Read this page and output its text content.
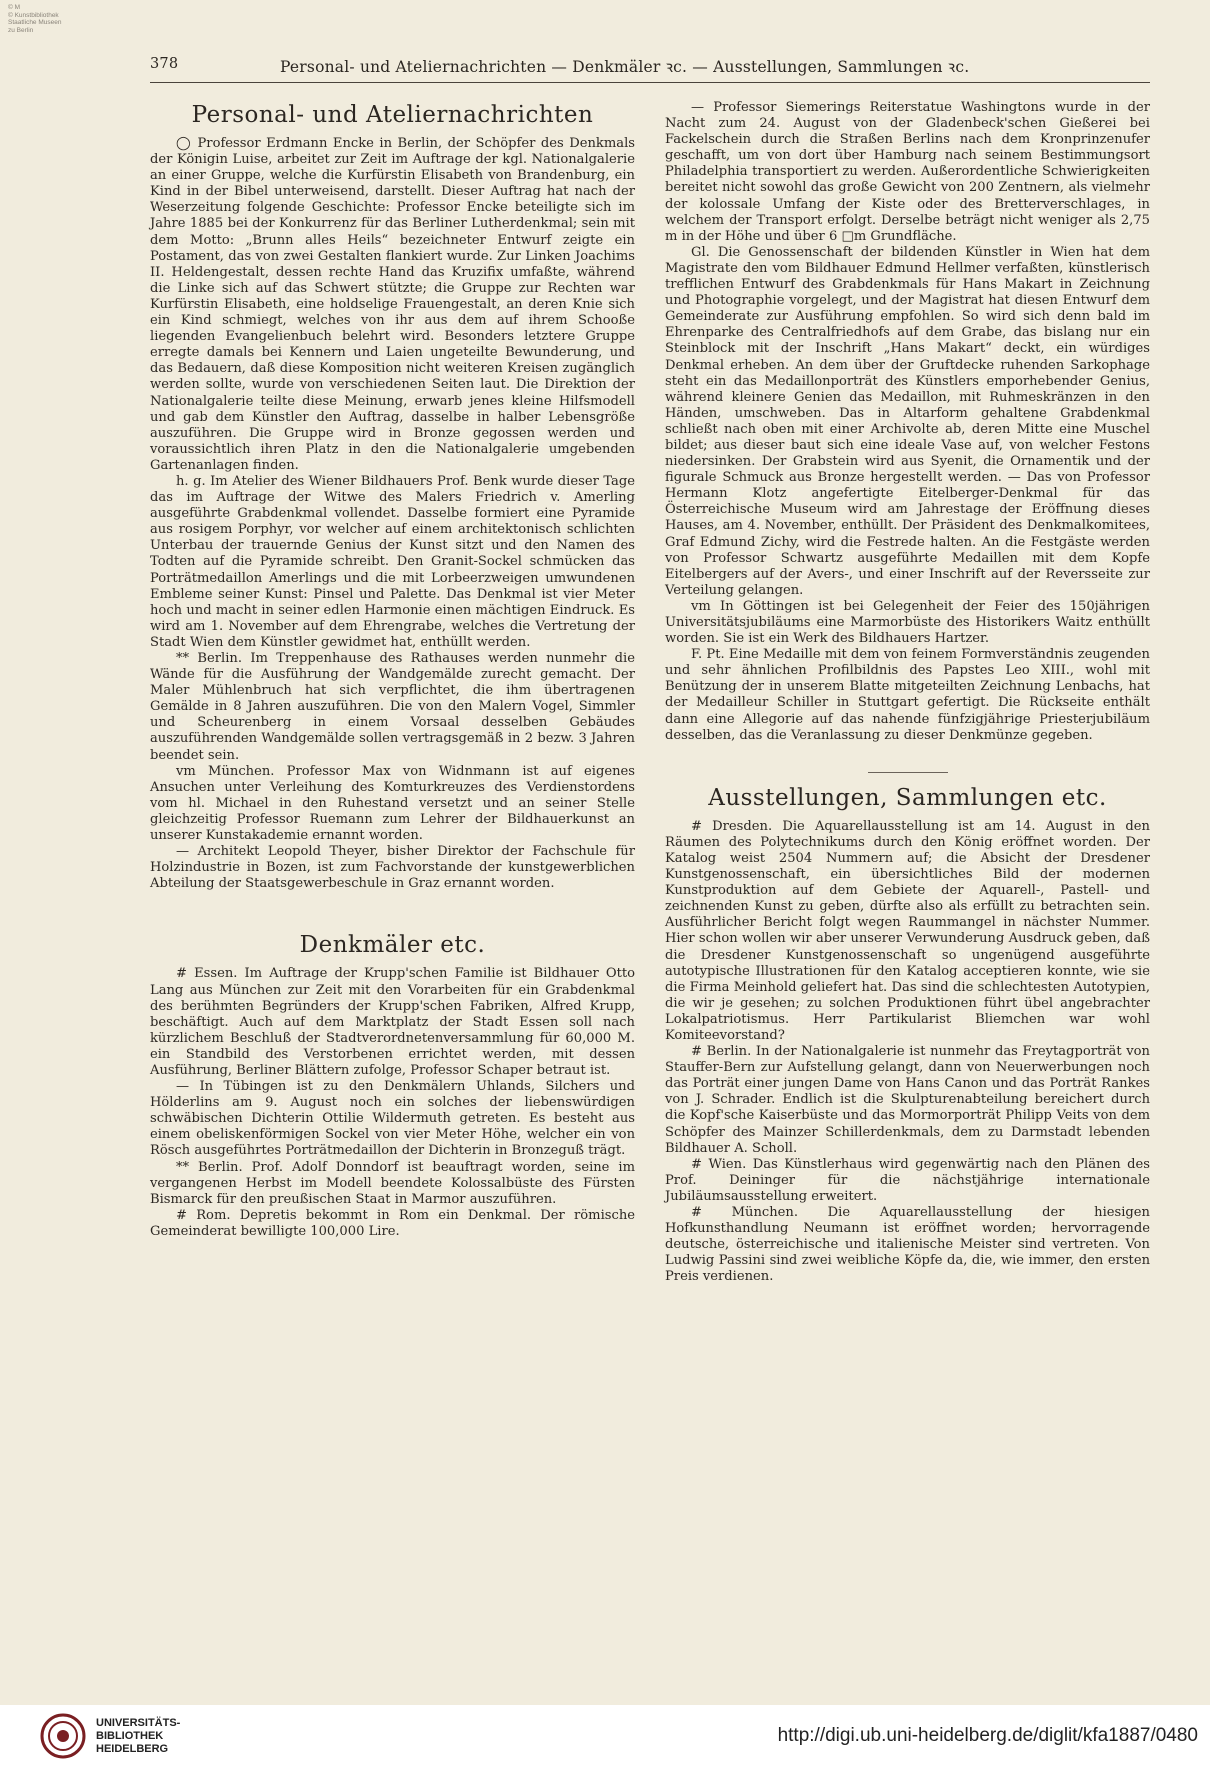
© M
© Kunstbibliothek
Staatliche Museen
zu Berlin
378	Personal- und Ateliernachrichten — Denkmäler ꝛc. — Ausstellungen, Sammlungen ꝛc.
Personal- und Ateliernachrichten

◯ Professor Erdmann Encke in Berlin, der Schöpfer des Denkmals der Königin Luise, arbeitet zur Zeit im Auftrage der kgl. Nationalgalerie an einer Gruppe, welche die Kurfürstin Elisabeth von Brandenburg, ein Kind in der Bibel unterweisend, darstellt. Dieser Auftrag hat nach der Weserzeitung folgende Geschichte: Professor Encke beteiligte sich im Jahre 1885 bei der Konkurrenz für das Berliner Lutherdenkmal; sein mit dem Motto: „Brunn alles Heils“ bezeichneter Entwurf zeigte ein Postament, das von zwei Gestalten flankiert wurde. Zur Linken Joachims II. Heldengestalt, dessen rechte Hand das Kruzifix umfaßte, während die Linke sich auf das Schwert stützte; die Gruppe zur Rechten war Kurfürstin Elisabeth, eine holdselige Frauengestalt, an deren Knie sich ein Kind schmiegt, welches von ihr aus dem auf ihrem Schooße liegenden Evangelienbuch belehrt wird. Besonders letztere Gruppe erregte damals bei Kennern und Laien ungeteilte Bewunderung, und das Bedauern, daß diese Komposition nicht weiteren Kreisen zugänglich werden sollte, wurde von verschiedenen Seiten laut. Die Direktion der Nationalgalerie teilte diese Meinung, erwarb jenes kleine Hilfsmodell und gab dem Künstler den Auftrag, dasselbe in halber Lebensgröße auszuführen. Die Gruppe wird in Bronze gegossen werden und voraussichtlich ihren Platz in den die Nationalgalerie umgebenden Gartenanlagen finden.

h. g. Im Atelier des Wiener Bildhauers Prof. Benk wurde dieser Tage das im Auftrage der Witwe des Malers Friedrich v. Amerling ausgeführte Grabdenkmal vollendet. Dasselbe formiert eine Pyramide aus rosigem Porphyr, vor welcher auf einem architektonisch schlichten Unterbau der trauernde Genius der Kunst sitzt und den Namen des Todten auf die Pyramide schreibt. Den Granit-Sockel schmücken das Porträtmedaillon Amerlings und die mit Lorbeerzweigen umwundenen Embleme seiner Kunst: Pinsel und Palette. Das Denkmal ist vier Meter hoch und macht in seiner edlen Harmonie einen mächtigen Eindruck. Es wird am 1. November auf dem Ehrengrabe, welches die Vertretung der Stadt Wien dem Künstler gewidmet hat, enthüllt werden.

** Berlin. Im Treppenhause des Rathauses werden nunmehr die Wände für die Ausführung der Wandgemälde zurecht gemacht. Der Maler Mühlenbruch hat sich verpflichtet, die ihm übertragenen Gemälde in 8 Jahren auszuführen. Die von den Malern Vogel, Simmler und Scheurenberg in einem Vorsaal desselben Gebäudes auszuführenden Wandgemälde sollen vertragsgemäß in 2 bezw. 3 Jahren beendet sein.

vm München. Professor Max von Widnmann ist auf eigenes Ansuchen unter Verleihung des Komturkreuzes des Verdienstordens vom hl. Michael in den Ruhestand versetzt und an seiner Stelle gleichzeitig Professor Ruemann zum Lehrer der Bildhauerkunst an unserer Kunstakademie ernannt worden.

— Architekt Leopold Theyer, bisher Direktor der Fachschule für Holzindustrie in Bozen, ist zum Fachvorstande der kunstgewerblichen Abteilung der Staatsgewerbeschule in Graz ernannt worden.

Denkmäler etc.

# Essen. Im Auftrage der Krupp'schen Familie ist Bildhauer Otto Lang aus München zur Zeit mit den Vorarbeiten für ein Grabdenkmal des berühmten Begründers der Krupp'schen Fabriken, Alfred Krupp, beschäftigt. Auch auf dem Marktplatz der Stadt Essen soll nach kürzlichem Beschluß der Stadtverordnetenversammlung für 60,000 M. ein Standbild des Verstorbenen errichtet werden, mit dessen Ausführung, Berliner Blättern zufolge, Professor Schaper betraut ist.

— In Tübingen ist zu den Denkmälern Uhlands, Silchers und Hölderlins am 9. August noch ein solches der liebenswürdigen schwäbischen Dichterin Ottilie Wildermuth getreten. Es besteht aus einem obeliskenförmigen Sockel von vier Meter Höhe, welcher ein von Rösch ausgeführtes Porträtmedaillon der Dichterin in Bronzeguß trägt.

** Berlin. Prof. Adolf Donndorf ist beauftragt worden, seine im vergangenen Herbst im Modell beendete Kolossalbüste des Fürsten Bismarck für den preußischen Staat in Marmor auszuführen.

# Rom. Depretis bekommt in Rom ein Denkmal. Der römische Gemeinderat bewilligte 100,000 Lire.

— Professor Siemerings Reiterstatue Washingtons wurde in der Nacht zum 24. August von der Gladenbeck'schen Gießerei bei Fackelschein durch die Straßen Berlins nach dem Kronprinzenufer geschafft, um von dort über Hamburg nach seinem Bestimmungsort Philadelphia transportiert zu werden. Außerordentliche Schwierigkeiten bereitet nicht sowohl das große Gewicht von 200 Zentnern, als vielmehr der kolossale Umfang der Kiste oder des Bretterverschlages, in welchem der Transport erfolgt. Derselbe beträgt nicht weniger als 2,75 m in der Höhe und über 6 □m Grundfläche.

Gl. Die Genossenschaft der bildenden Künstler in Wien hat dem Magistrate den vom Bildhauer Edmund Hellmer verfaßten, künstlerisch trefflichen Entwurf des Grabdenkmals für Hans Makart in Zeichnung und Photographie vorgelegt, und der Magistrat hat diesen Entwurf dem Gemeinderate zur Ausführung empfohlen. So wird sich denn bald im Ehrenparke des Centralfriedhofs auf dem Grabe, das bislang nur ein Steinblock mit der Inschrift „Hans Makart“ deckt, ein würdiges Denkmal erheben. An dem über der Gruftdecke ruhenden Sarkophage steht ein das Medaillonporträt des Künstlers emporhebender Genius, während kleinere Genien das Medaillon, mit Ruhmeskränzen in den Händen, umschweben. Das in Altarform gehaltene Grabdenkmal schließt nach oben mit einer Archivolte ab, deren Mitte eine Muschel bildet; aus dieser baut sich eine ideale Vase auf, von welcher Festons niedersinken. Der Grabstein wird aus Syenit, die Ornamentik und der figurale Schmuck aus Bronze hergestellt werden. — Das von Professor Hermann Klotz angefertigte Eitelberger-Denkmal für das Österreichische Museum wird am Jahrestage der Eröffnung dieses Hauses, am 4. November, enthüllt. Der Präsident des Denkmalkomitees, Graf Edmund Zichy, wird die Festrede halten. An die Festgäste werden von Professor Schwartz ausgeführte Medaillen mit dem Kopfe Eitelbergers auf der Avers-, und einer Inschrift auf der Reversseite zur Verteilung gelangen.

vm In Göttingen ist bei Gelegenheit der Feier des 150jährigen Universitätsjubiläums eine Marmorbüste des Historikers Waitz enthüllt worden. Sie ist ein Werk des Bildhauers Hartzer.

F. Pt. Eine Medaille mit dem von feinem Formverständnis zeugenden und sehr ähnlichen Profilbildnis des Papstes Leo XIII., wohl mit Benützung der in unserem Blatte mitgeteilten Zeichnung Lenbachs, hat der Medailleur Schiller in Stuttgart gefertigt. Die Rückseite enthält dann eine Allegorie auf das nahende fünfzigjährige Priesterjubiläum desselben, das die Veranlassung zu dieser Denkmünze gegeben.

Ausstellungen, Sammlungen etc.

# Dresden. Die Aquarellausstellung ist am 14. August in den Räumen des Polytechnikums durch den König eröffnet worden. Der Katalog weist 2504 Nummern auf; die Absicht der Dresdener Kunstgenossenschaft, ein übersichtliches Bild der modernen Kunstproduktion auf dem Gebiete der Aquarell-, Pastell- und zeichnenden Kunst zu geben, dürfte also als erfüllt zu betrachten sein. Ausführlicher Bericht folgt wegen Raummangel in nächster Nummer. Hier schon wollen wir aber unserer Verwunderung Ausdruck geben, daß die Dresdener Kunstgenossenschaft so ungenügend ausgeführte autotypische Illustrationen für den Katalog acceptieren konnte, wie sie die Firma Meinhold geliefert hat. Das sind die schlechtesten Autotypien, die wir je gesehen; zu solchen Produktionen führt übel angebrachter Lokalpatriotismus. Herr Partikularist Bliemchen war wohl Komiteevorstand?

# Berlin. In der Nationalgalerie ist nunmehr das Freytagporträt von Stauffer-Bern zur Aufstellung gelangt, dann von Neuerwerbungen noch das Porträt einer jungen Dame von Hans Canon und das Porträt Rankes von J. Schrader. Endlich ist die Skulpturenabteilung bereichert durch die Kopf'sche Kaiserbüste und das Mormorporträt Philipp Veits von dem Schöpfer des Mainzer Schillerdenkmals, dem zu Darmstadt lebenden Bildhauer A. Scholl.

# Wien. Das Künstlerhaus wird gegenwärtig nach den Plänen des Prof. Deininger für die nächstjährige internationale Jubiläumsausstellung erweitert.

# München. Die Aquarellausstellung der hiesigen Hofkunsthandlung Neumann ist eröffnet worden; hervorragende deutsche, österreichische und italienische Meister sind vertreten. Von Ludwig Passini sind zwei weibliche Köpfe da, die, wie immer, den ersten Preis verdienen.

UNIVERSITÄTS-
BIBLIOTHEK
HEIDELBERG
http://digi.ub.uni-heidelberg.de/diglit/kfa1887/0480
